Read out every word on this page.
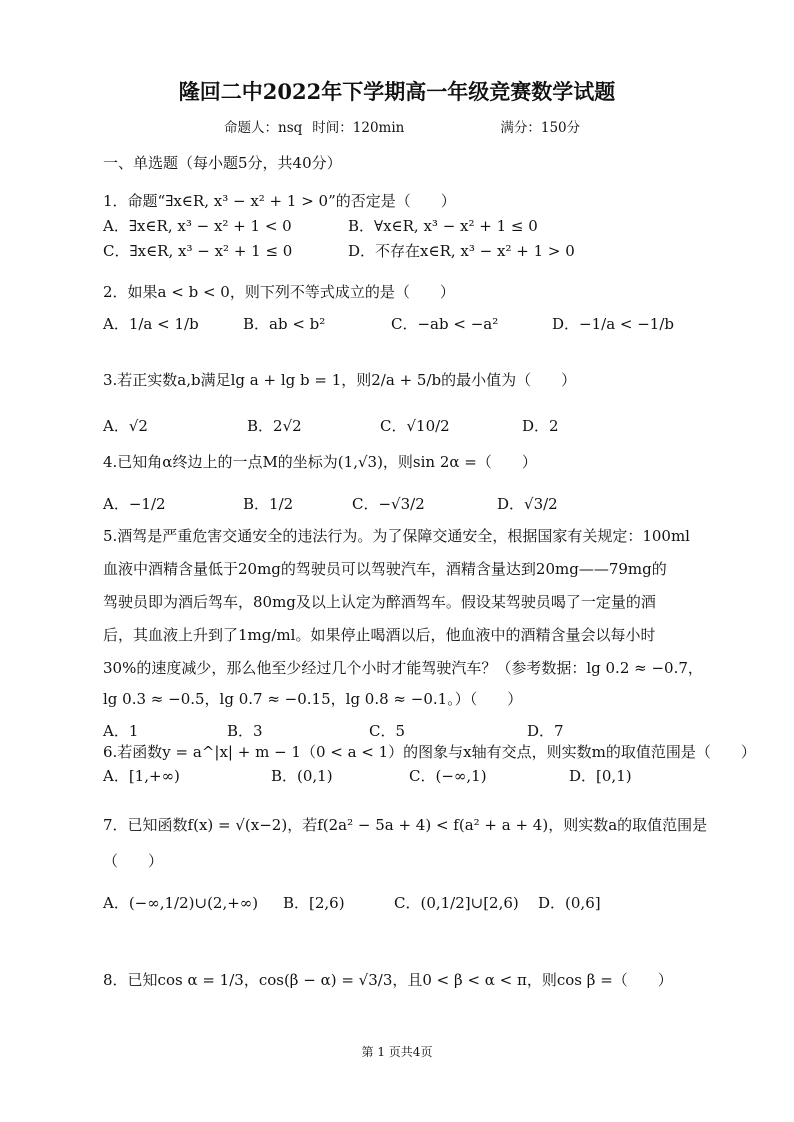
隆回二中2022年下学期高一年级竞赛数学试题
命题人：nsq 时间：120min	满分：150分
一、单选题（每小题5分，共40分）
1．命题“∃x∈R, x³ − x² + 1 > 0”的否定是（　　）
A．∃x∈R, x³ − x² + 1 < 0	B．∀x∈R, x³ − x² + 1 ≤ 0
C．∃x∈R, x³ − x² + 1 ≤ 0	D．不存在x∈R, x³ − x² + 1 > 0
2．如果a < b < 0，则下列不等式成立的是（　　）
A．1/a < 1/b	B．ab < b²	C．−ab < −a²	D．−1/a < −1/b
3.若正实数a,b满足lg a + lg b = 1，则2/a + 5/b的最小值为（　　）
A．√2	B．2√2	C．√10/2	D．2
4.已知角α终边上的一点M的坐标为(1,√3)，则sin 2α =（　　）
A．−1/2	B．1/2	C．−√3/2	D．√3/2
5.酒驾是严重危害交通安全的违法行为。为了保障交通安全，根据国家有关规定：100ml
血液中酒精含量低于20mg的驾驶员可以驾驶汽车，酒精含量达到20mg——79mg的
驾驶员即为酒后驾车，80mg及以上认定为醉酒驾车。假设某驾驶员喝了一定量的酒
后，其血液上升到了1mg/ml。如果停止喝酒以后，他血液中的酒精含量会以每小时
30%的速度减少，那么他至少经过几个小时才能驾驶汽车？（参考数据：lg 0.2 ≈ −0.7，
lg 0.3 ≈ −0.5，lg 0.7 ≈ −0.15，lg 0.8 ≈ −0.1。）（　　）
A．1	B．3	C．5	D．7
6.若函数y = a^|x| + m − 1（0 < a < 1）的图象与x轴有交点，则实数m的取值范围是（　　）
A．[1,+∞)	B．(0,1)	C．(−∞,1)	D．[0,1)
7．已知函数f(x) = √(x−2)，若f(2a² − 5a + 4) < f(a² + a + 4)，则实数a的取值范围是
（　　）
A．(−∞,1/2)∪(2,+∞) B．[2,6)	C．(0,1/2]∪[2,6) D．(0,6]
8．已知cos α = 1/3，cos(β − α) = √3/3，且0 < β < α < π，则cos β =（　　）
第 1 页共4页
